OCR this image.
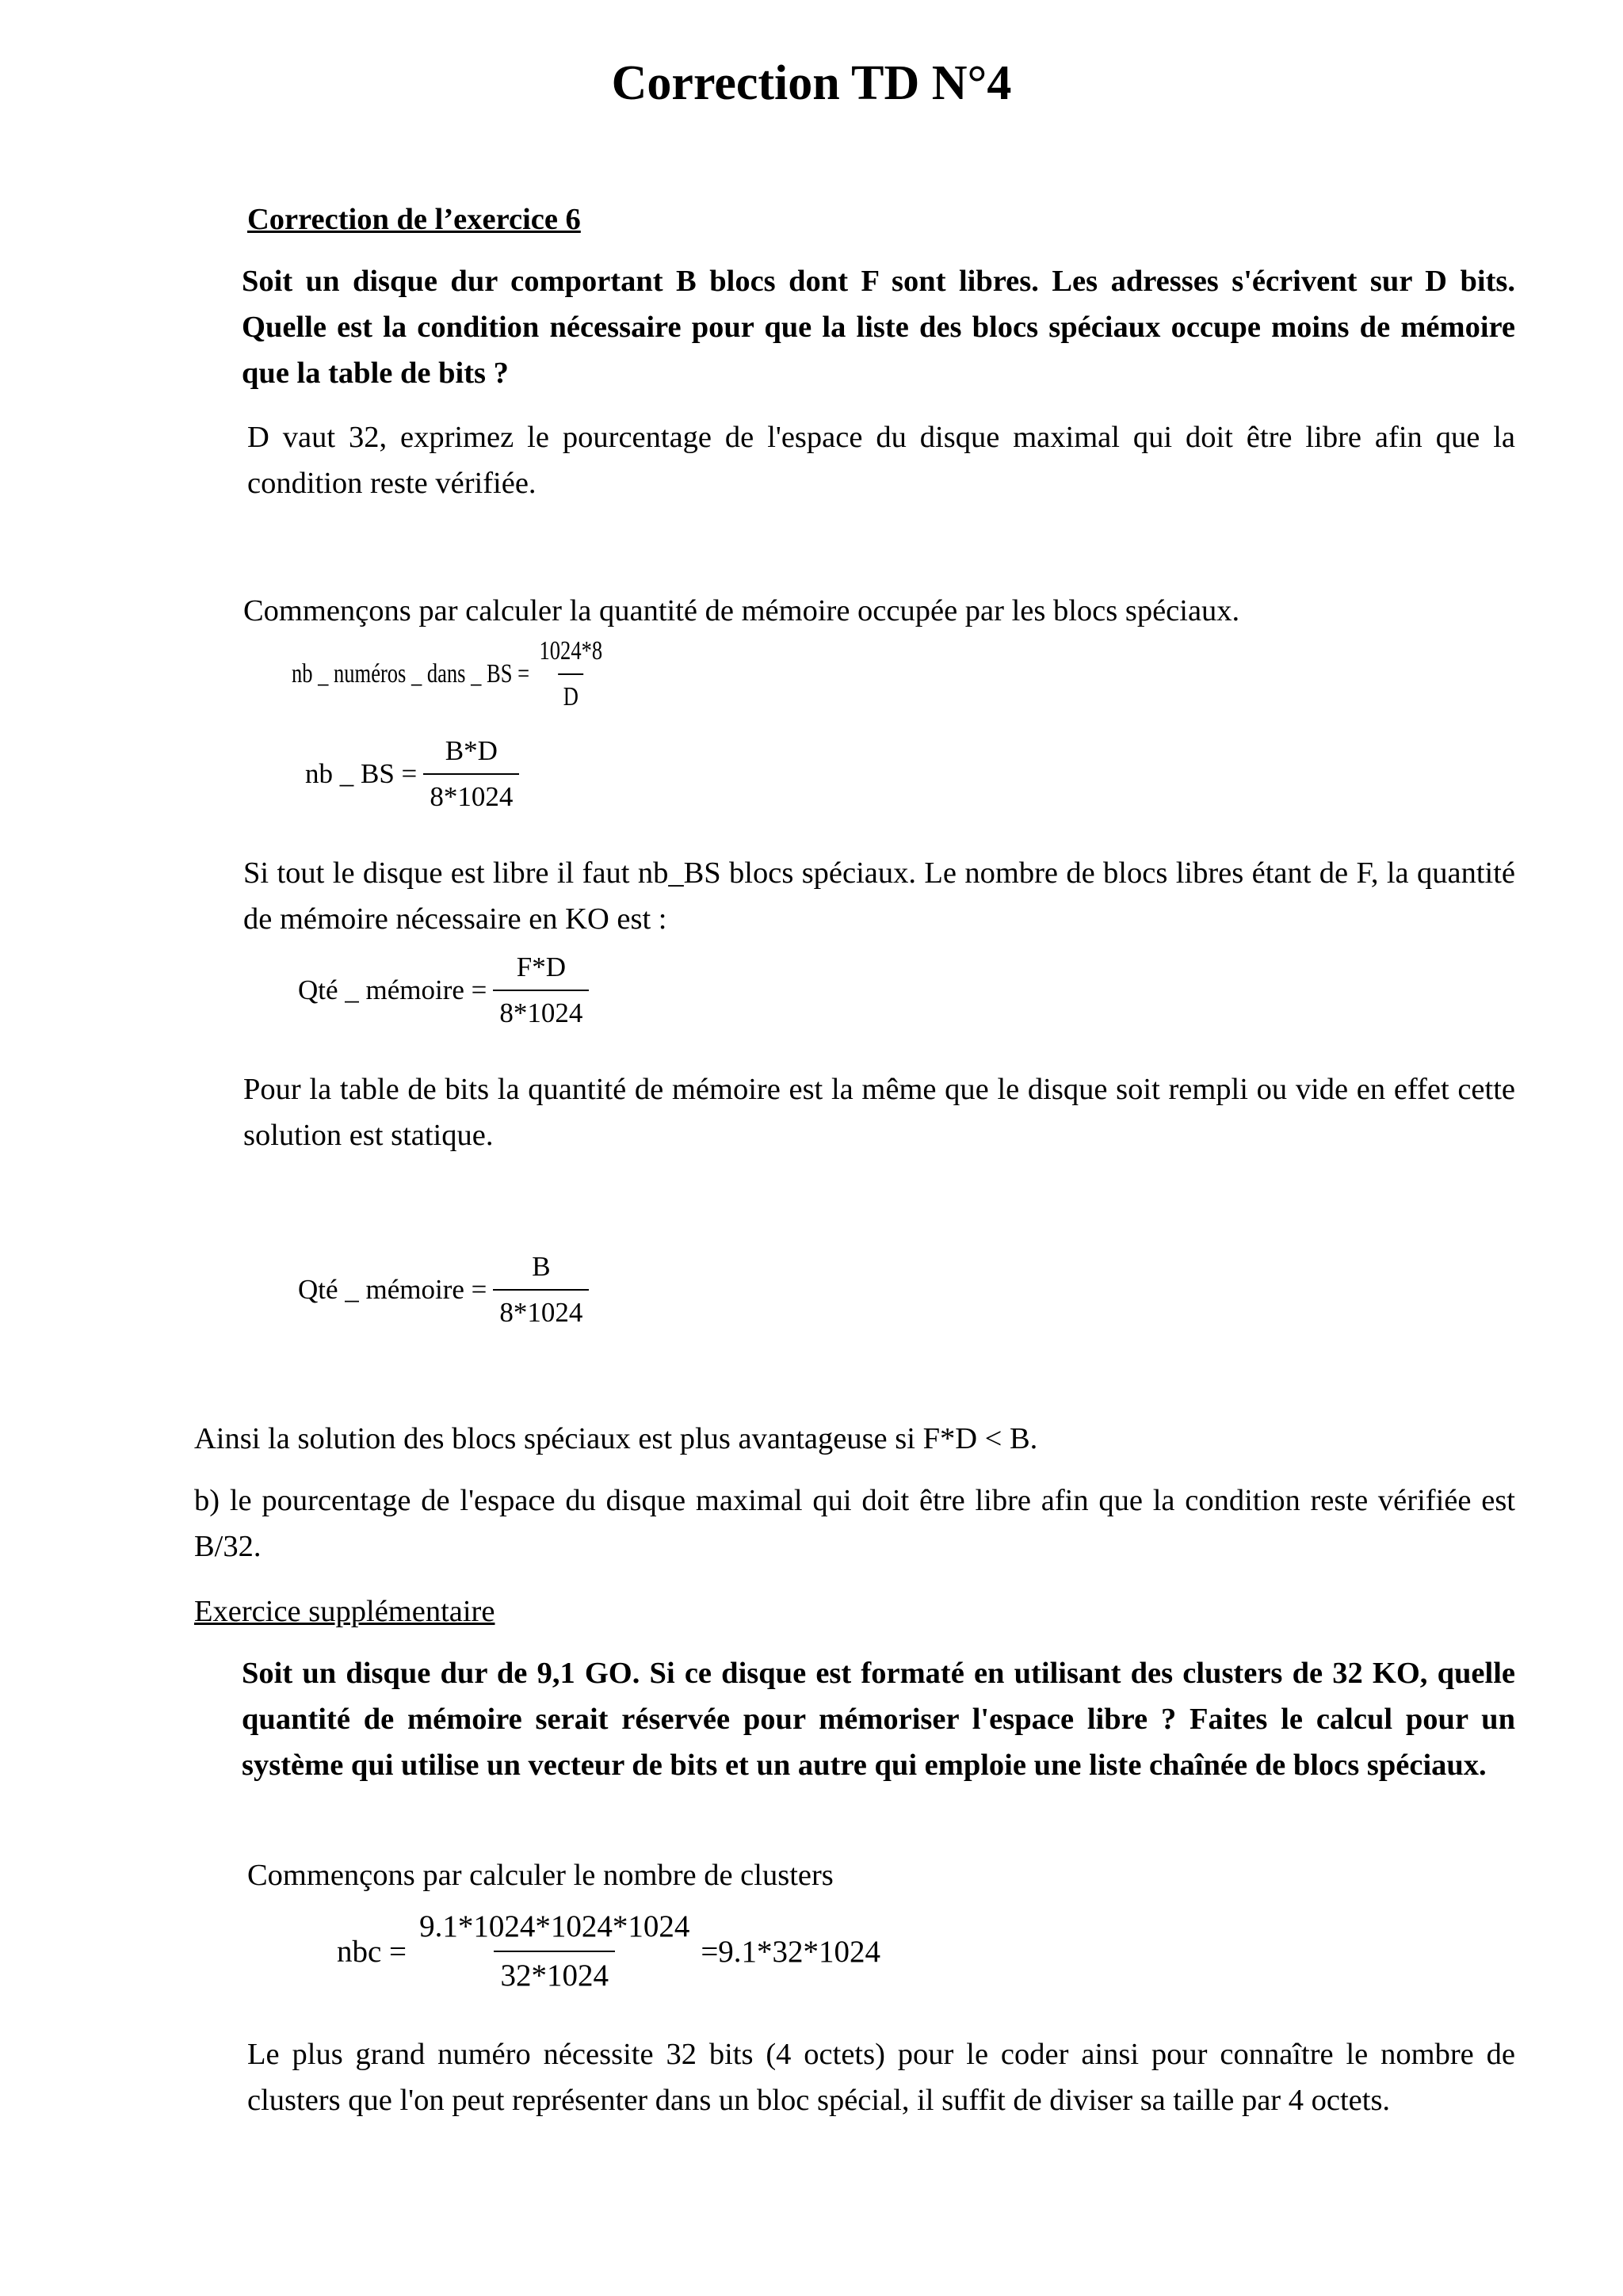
Correction TD N°4
Correction de l’exercice 6
Soit un disque dur comportant B blocs dont F sont libres. Les adresses s'écrivent sur D bits. Quelle est la condition nécessaire pour que la liste des blocs spéciaux occupe moins de mémoire que la table de bits ?
D vaut 32, exprimez le pourcentage de l'espace du disque maximal qui doit être libre afin que la condition reste vérifiée.
Commençons par calculer la quantité de mémoire occupée par les blocs spéciaux.
nb _ numéros _ dans _ BS = $\frac{1024*8}{D}$
nb _ BS = $\frac{B*D}{8*1024}$
Si tout le disque est libre il faut nb_BS blocs spéciaux. Le nombre de blocs libres étant de F, la quantité de mémoire nécessaire en KO est :
Qté _ mémoire = $\frac{F*D}{8*1024}$
Pour la table de bits la quantité de mémoire est la même que le disque soit rempli ou vide en effet cette solution est statique.
Qté _ mémoire = $\frac{B}{8*1024}$
Ainsi la solution des blocs spéciaux est plus avantageuse si F*D < B.
b) le pourcentage de l'espace du disque maximal qui doit être libre afin que la condition reste vérifiée est B/32.
Exercice supplémentaire
Soit un disque dur de 9,1 GO. Si ce disque est formaté en utilisant des clusters de 32 KO, quelle quantité de mémoire serait réservée pour mémoriser l'espace libre ? Faites le calcul pour un système qui utilise un vecteur de bits et un autre qui emploie une liste chaînée de blocs spéciaux.
Commençons par calculer le nombre de clusters
nbc = $\frac{9.1*1024*1024*1024}{32*1024} =9.1*32*1024$
Le plus grand numéro nécessite 32 bits (4 octets) pour le coder ainsi pour connaître le nombre de clusters que l'on peut représenter dans un bloc spécial, il suffit de diviser sa taille par 4 octets.
